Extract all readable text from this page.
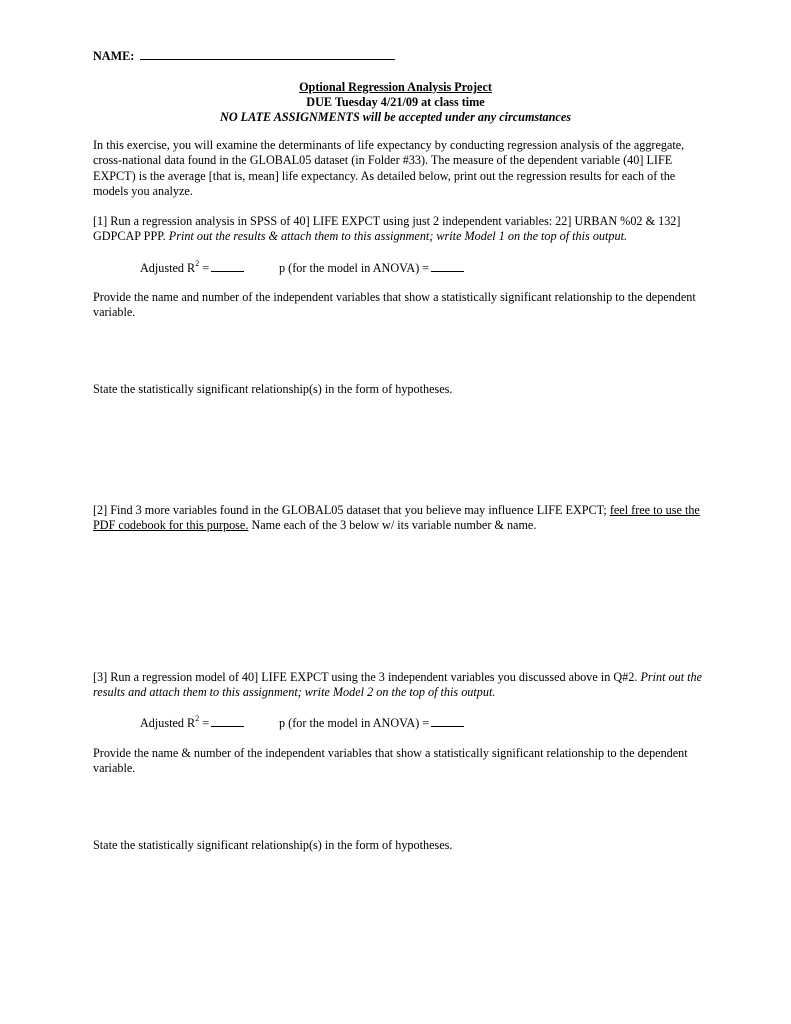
NAME:
Optional Regression Analysis Project
DUE Tuesday 4/21/09 at class time
NO LATE ASSIGNMENTS will be accepted under any circumstances
In this exercise, you will examine the determinants of life expectancy by conducting regression analysis of the aggregate, cross-national data found in the GLOBAL05 dataset (in Folder #33). The measure of the dependent variable (40] LIFE EXPCT) is the average [that is, mean] life expectancy. As detailed below, print out the regression results for each of the models you analyze.
[1] Run a regression analysis in SPSS of 40] LIFE EXPCT using just 2 independent variables: 22] URBAN %02 & 132] GDPCAP PPP. Print out the results & attach them to this assignment; write Model 1 on the top of this output.
Adjusted $R^2$ =	p (for the model in ANOVA) =
Provide the name and number of the independent variables that show a statistically significant relationship to the dependent variable.
State the statistically significant relationship(s) in the form of hypotheses.
[2] Find 3 more variables found in the GLOBAL05 dataset that you believe may influence LIFE EXPCT; feel free to use the PDF codebook for this purpose. Name each of the 3 below w/ its variable number & name.
[3] Run a regression model of 40] LIFE EXPCT using the 3 independent variables you discussed above in Q#2. Print out the results and attach them to this assignment; write Model 2 on the top of this output.
Adjusted $R^2$ =	p (for the model in ANOVA) =
Provide the name & number of the independent variables that show a statistically significant relationship to the dependent variable.
State the statistically significant relationship(s) in the form of hypotheses.
